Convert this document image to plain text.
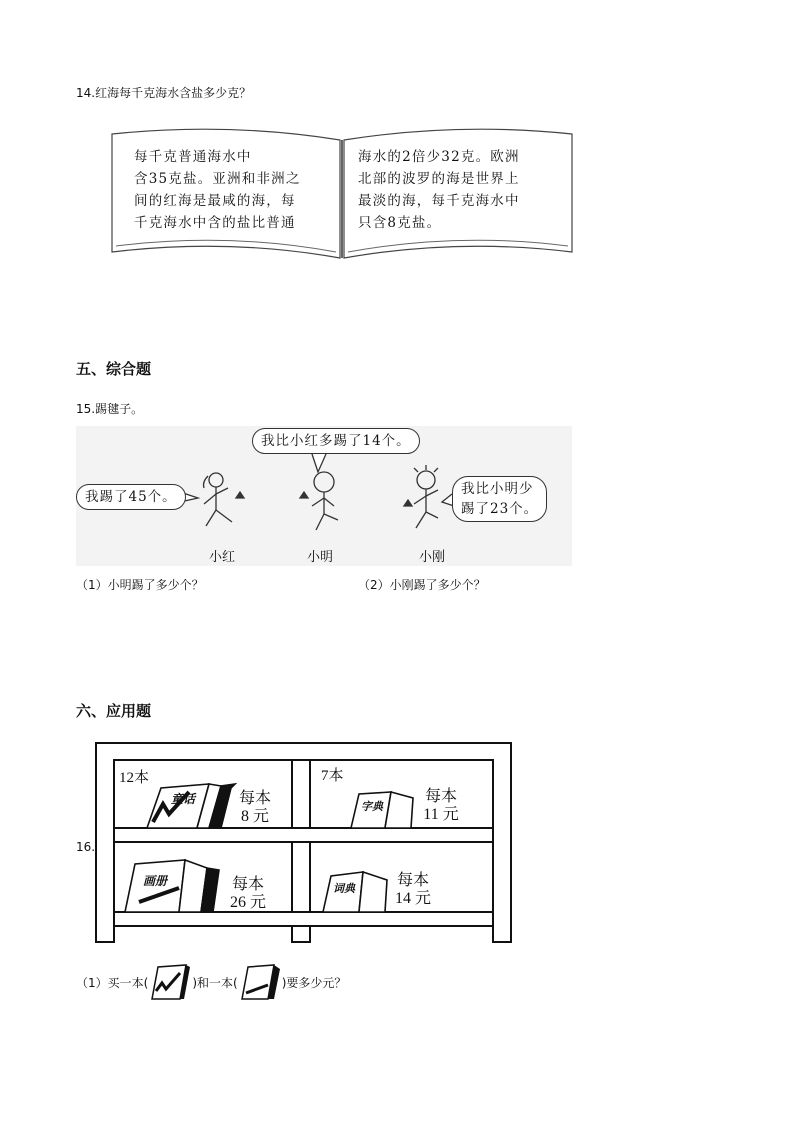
14.红海每千克海水含盐多少克？
每千克普通海水中
含35克盐。亚洲和非洲之
间的红海是最咸的海，每
千克海水中含的盐比普通
海水的2倍少32克。欧洲
北部的波罗的海是世界上
最淡的海，每千克海水中
只含8克盐。
五、综合题
15.踢毽子。
我比小红多踢了14个。
我踢了45个。	我比小明少
踢了23个。
小红	小明	小刚
（1）小明踢了多少个？	（2）小刚踢了多少个？
六、应用题
16.
12本
童话	每本
8 元
7本
字典
每本
11 元
画册	每本
26 元
词典	每本
14 元
（1）买一本(	)和一本(	)要多少元？
